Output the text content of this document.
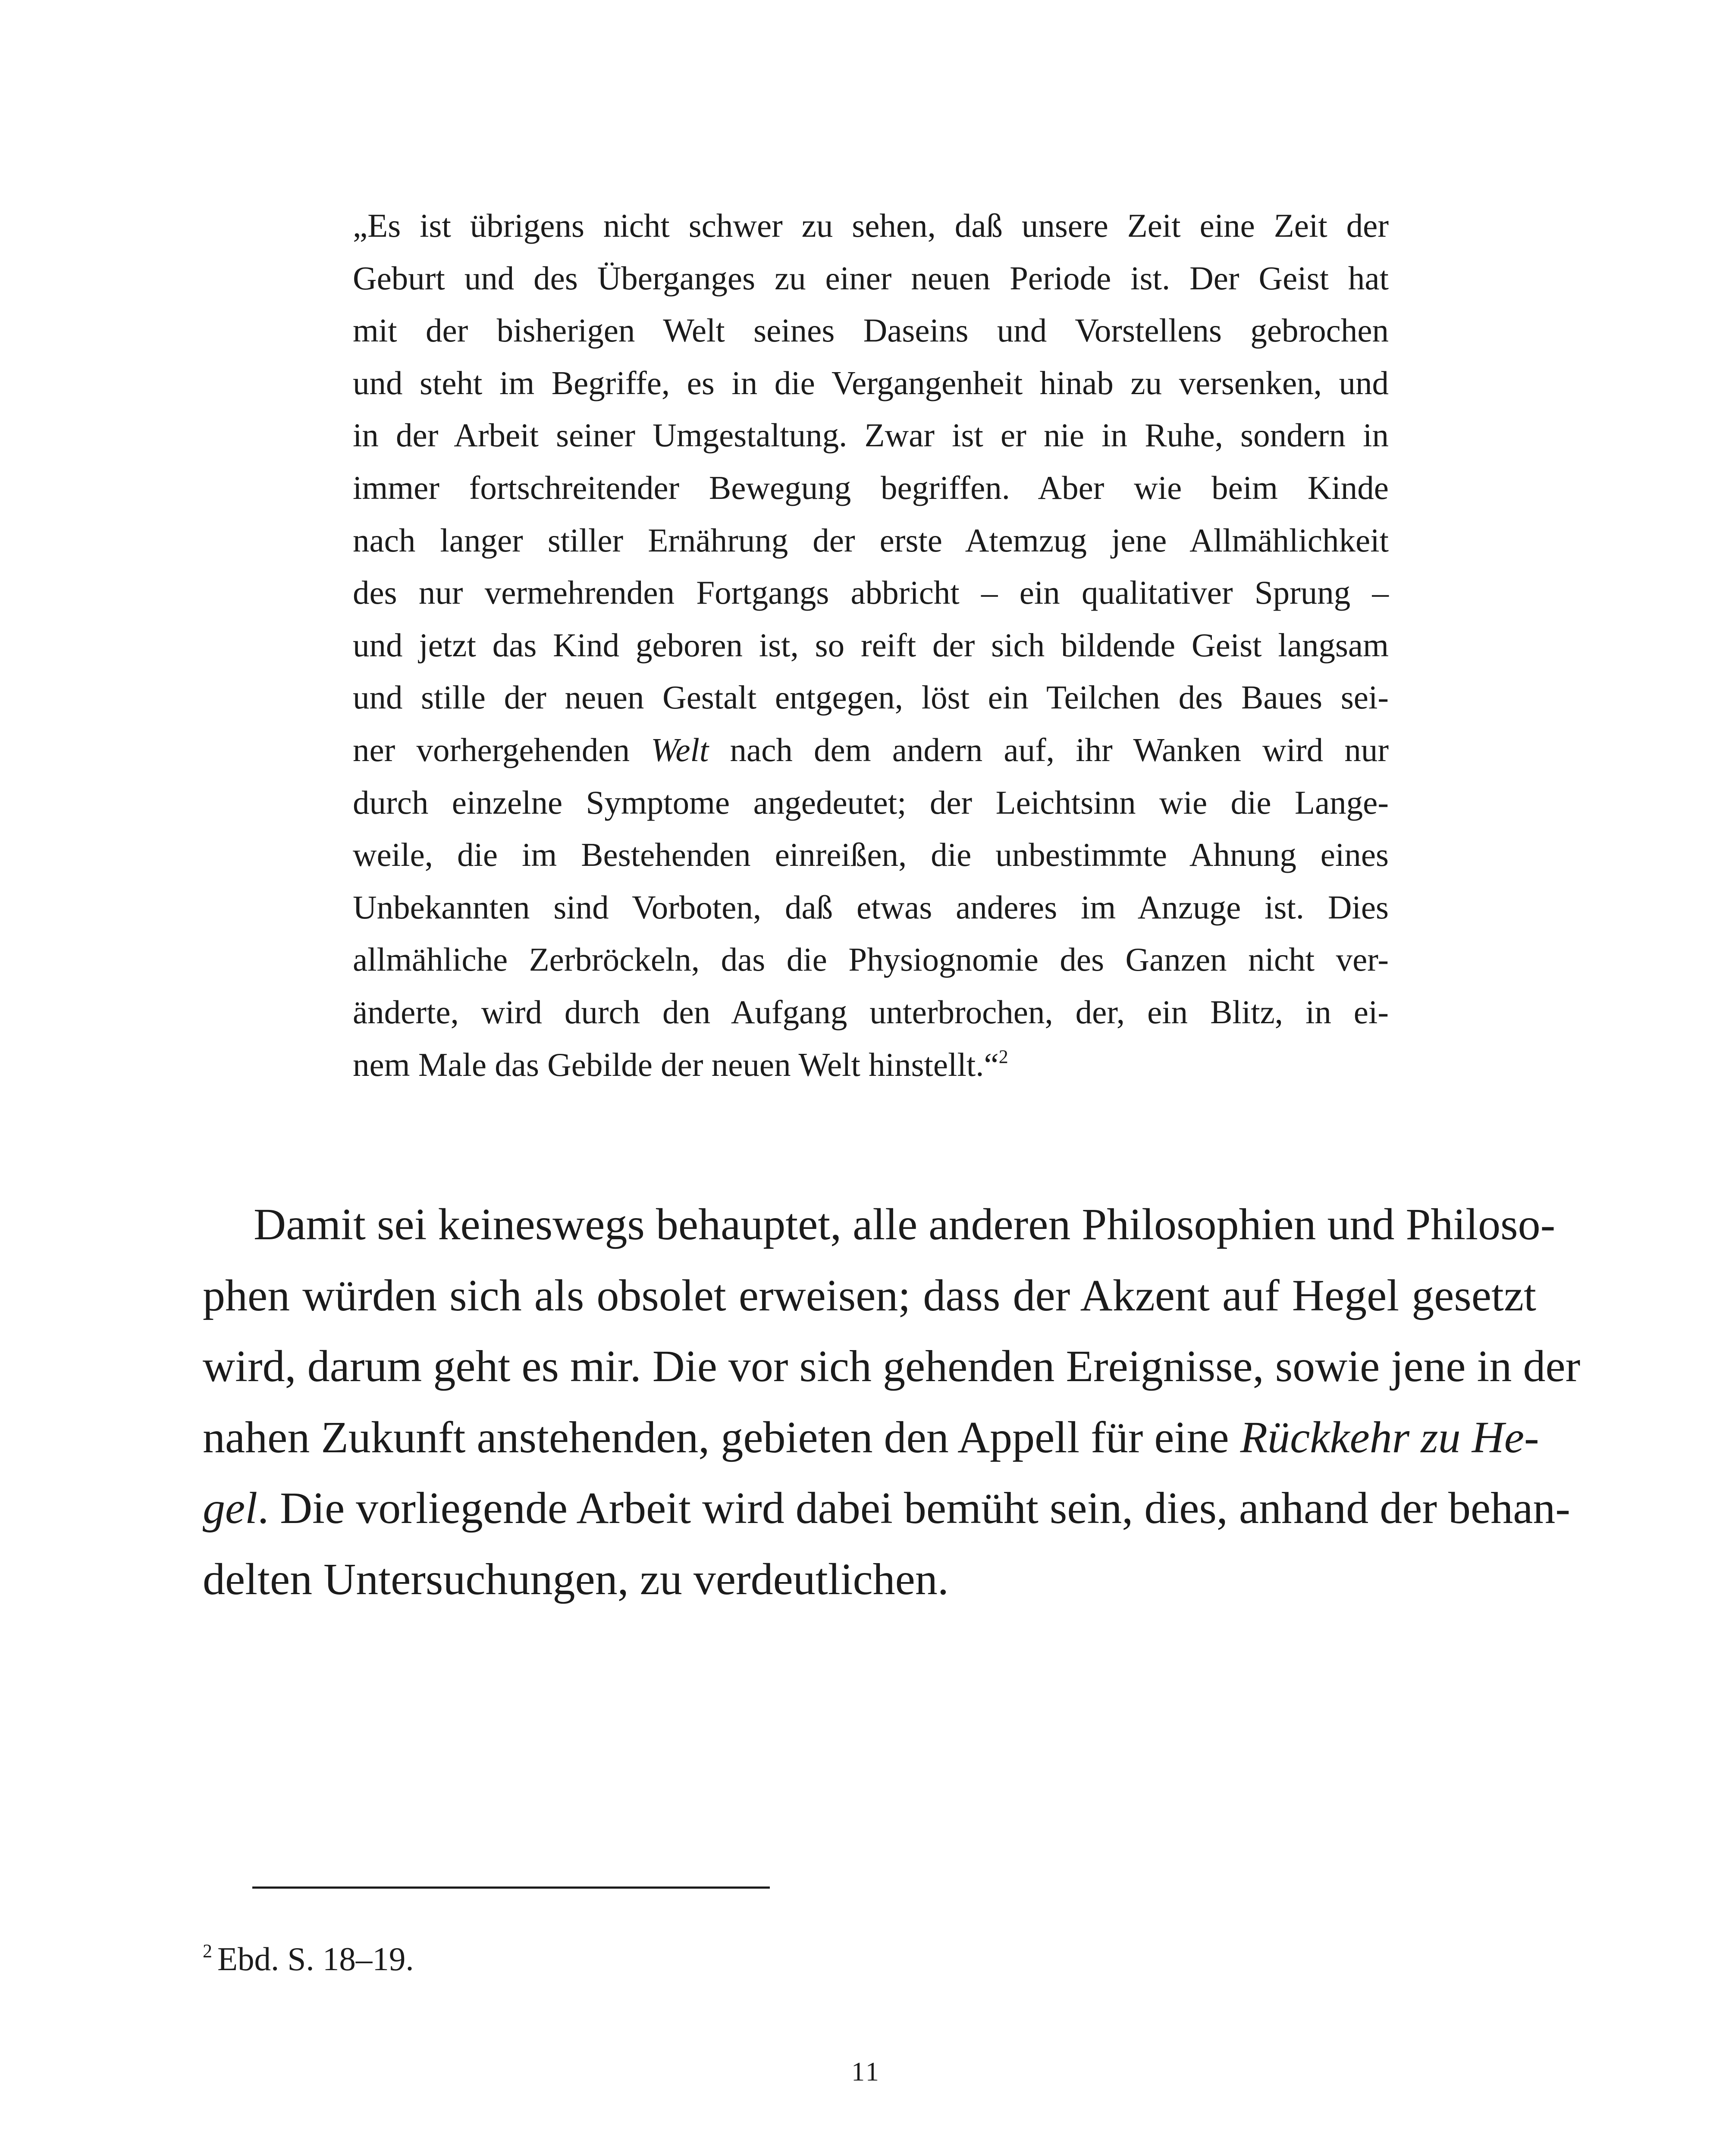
„Es ist übrigens nicht schwer zu sehen, daß unsere Zeit eine Zeit der
Geburt und des Überganges zu einer neuen Periode ist. Der Geist hat
mit der bisherigen Welt seines Daseins und Vorstellens gebrochen
und steht im Begriffe, es in die Vergangenheit hinab zu versenken, und
in der Arbeit seiner Umgestaltung. Zwar ist er nie in Ruhe, sondern in
immer fortschreitender Bewegung begriffen. Aber wie beim Kinde
nach langer stiller Ernährung der erste Atemzug jene Allmählichkeit
des nur vermehrenden Fortgangs abbricht – ein qualitativer Sprung –
und jetzt das Kind geboren ist, so reift der sich bildende Geist langsam
und stille der neuen Gestalt entgegen, löst ein Teilchen des Baues sei-
ner vorhergehenden Welt nach dem andern auf, ihr Wanken wird nur
durch einzelne Symptome angedeutet; der Leichtsinn wie die Lange-
weile, die im Bestehenden einreißen, die unbestimmte Ahnung eines
Unbekannten sind Vorboten, daß etwas anderes im Anzuge ist. Dies
allmähliche Zerbröckeln, das die Physiognomie des Ganzen nicht ver-
änderte, wird durch den Aufgang unterbrochen, der, ein Blitz, in ei-
nem Male das Gebilde der neuen Welt hinstellt.“$^2$
Damit sei keineswegs behauptet, alle anderen Philosophien und Philoso-
phen würden sich als obsolet erweisen; dass der Akzent auf Hegel gesetzt
wird, darum geht es mir. Die vor sich gehenden Ereignisse, sowie jene in der
nahen Zukunft anstehenden, gebieten den Appell für eine Rückkehr zu He-
gel. Die vorliegende Arbeit wird dabei bemüht sein, dies, anhand der behan-
delten Untersuchungen, zu verdeutlichen.
$^2$ Ebd. S. 18–19.
11
